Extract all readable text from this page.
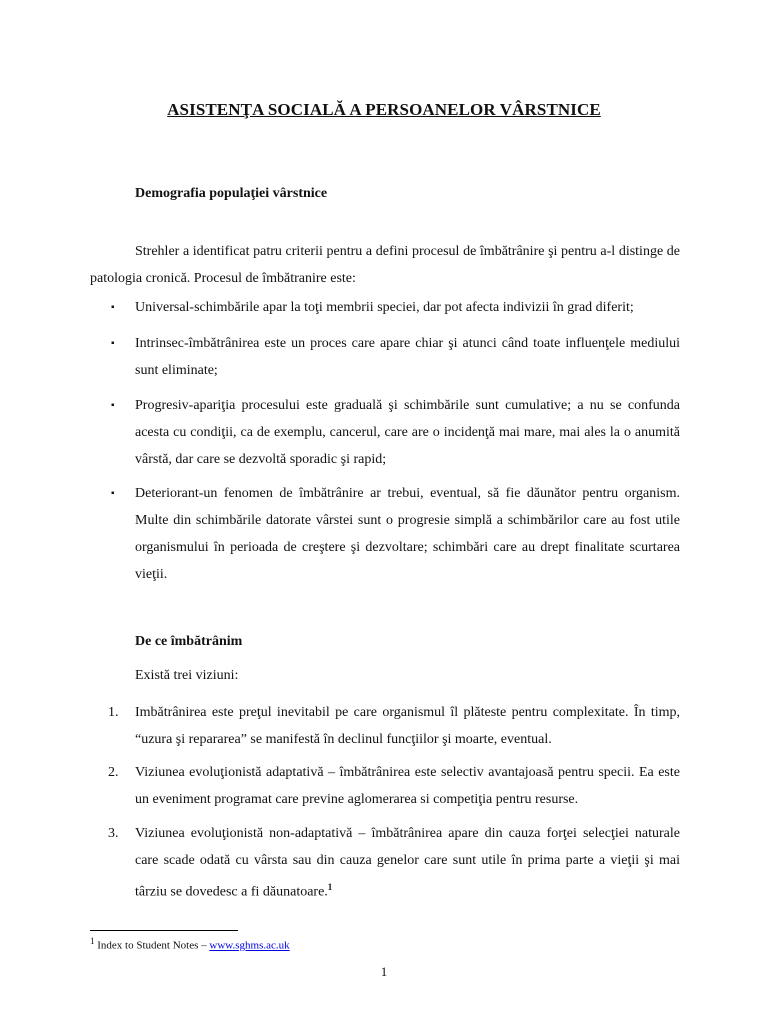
ASISTENŢA SOCIALĂ A PERSOANELOR VÂRSTNICE
Demografia populaţiei vârstnice
Strehler a identificat patru criterii pentru a defini procesul de îmbătrânire şi pentru a-l distinge de patologia cronică. Procesul de îmbătranire este:
▪ Universal-schimbările apar la toţi membrii speciei, dar pot afecta indivizii în grad diferit;
▪ Intrinsec-îmbătrânirea este un proces care apare chiar şi atunci când toate influenţele mediului sunt eliminate;
▪ Progresiv-apariţia procesului este graduală şi schimbările sunt cumulative; a nu se confunda acesta cu condiţii, ca de exemplu, cancerul, care are o incidenţă mai mare, mai ales la o anumită vârstă, dar care se dezvoltă sporadic şi rapid;
▪ Deteriorant-un fenomen de îmbătrânire ar trebui, eventual, să fie dăunător pentru organism. Multe din schimbările datorate vârstei sunt o progresie simplă a schimbărilor care au fost utile organismului în perioada de creştere şi dezvoltare; schimbări care au drept finalitate scurtarea vieţii.
De ce îmbătrânim
Există trei viziuni:
1. Imbătrânirea este preţul inevitabil pe care organismul îl plăteste pentru complexitate. În timp, “uzura şi repararea” se manifestă în declinul funcţiilor şi moarte, eventual.
2. Viziunea evoluţionistă adaptativă – îmbătrânirea este selectiv avantajoasă pentru specii. Ea este un eveniment programat care previne aglomerarea si competiţia pentru resurse.
3. Viziunea evoluţionistă non-adaptativă – îmbătrânirea apare din cauza forţei selecţiei naturale care scade odată cu vârsta sau din cauza genelor care sunt utile în prima parte a vieţii şi mai târziu se dovedesc a fi dăunatoare.$^1$
$^1$ Index to Student Notes – www.sghms.ac.uk
1
